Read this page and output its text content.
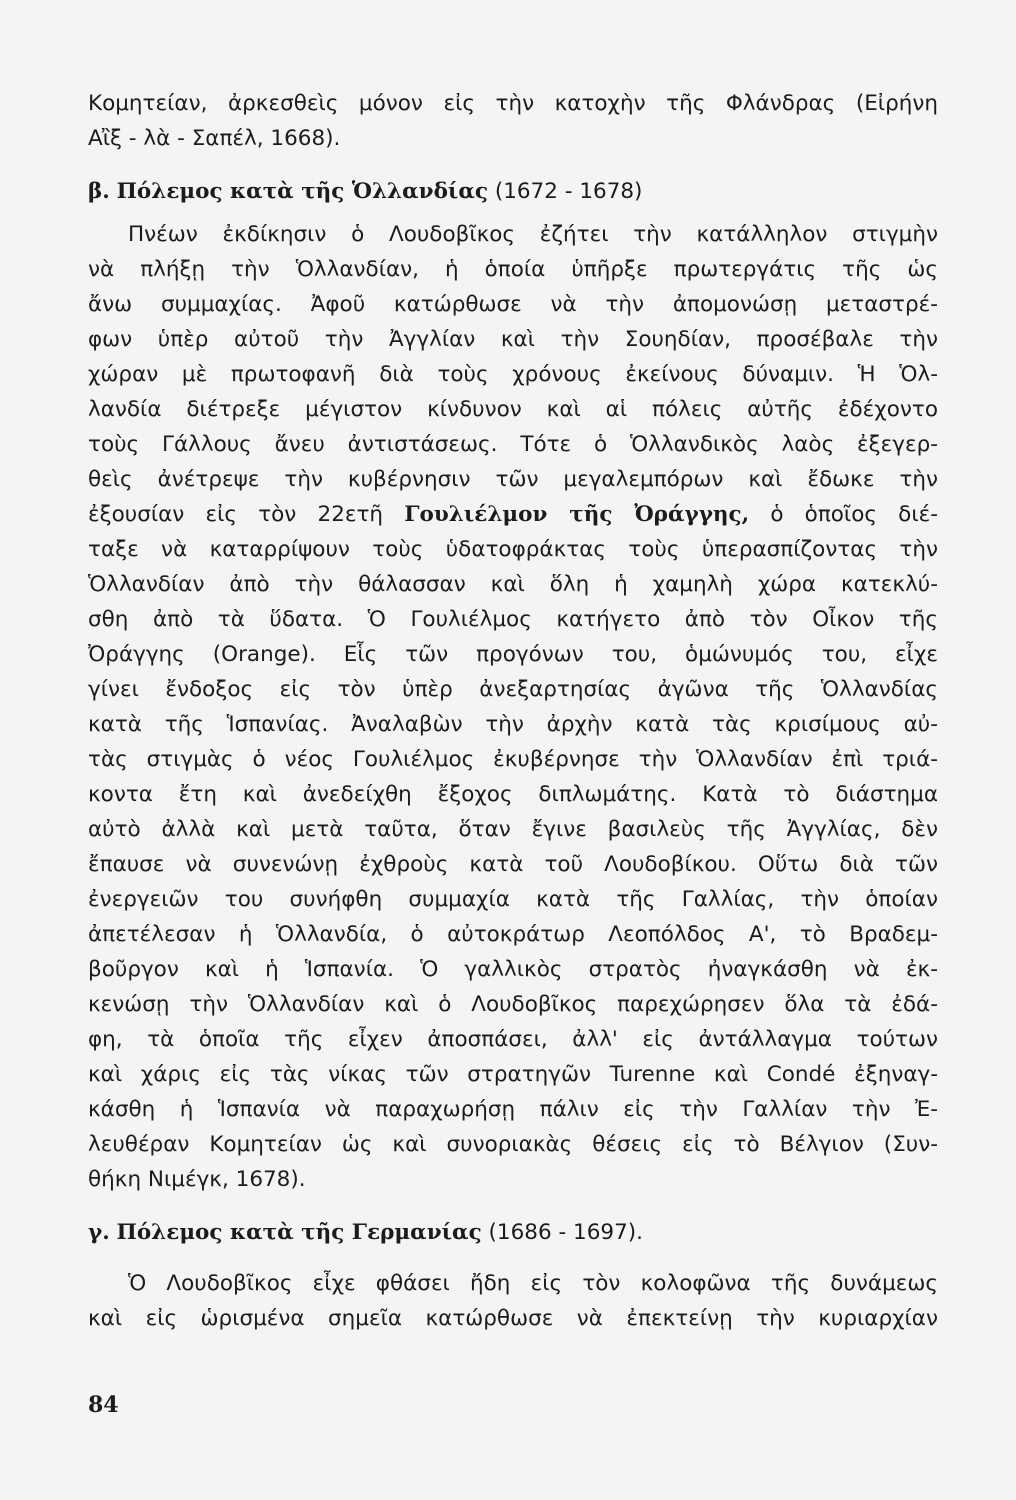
Κομητείαν, ἀρκεσθεὶς μόνον εἰς τὴν κατοχὴν τῆς Φλάνδρας (Εἰρήνη
Αἲξ - λὰ - Σαπέλ, 1668).
β. Πόλεμος κατὰ τῆς Ὁλλανδίας (1672 - 1678)
Πνέων ἐκδίκησιν ὁ Λουδοβῖκος ἐζήτει τὴν κατάλληλον στιγμὴν
νὰ πλήξῃ τὴν Ὁλλανδίαν, ἡ ὁποία ὑπῆρξε πρωτεργάτις τῆς ὡς
ἄνω συμμαχίας. Ἀφοῦ κατώρθωσε νὰ τὴν ἀπομονώσῃ μεταστρέ-
φων ὑπὲρ αὐτοῦ τὴν Ἀγγλίαν καὶ τὴν Σουηδίαν, προσέβαλε τὴν
χώραν μὲ πρωτοφανῆ διὰ τοὺς χρόνους ἐκείνους δύναμιν. Ἡ Ὁλ-
λανδία διέτρεξε μέγιστον κίνδυνον καὶ αἱ πόλεις αὐτῆς ἐδέχοντο
τοὺς Γάλλους ἄνευ ἀντιστάσεως. Τότε ὁ Ὁλλανδικὸς λαὸς ἐξεγερ-
θεὶς ἀνέτρεψε τὴν κυβέρνησιν τῶν μεγαλεμπόρων καὶ ἔδωκε τὴν
ἐξουσίαν εἰς τὸν 22ετῆ Γουλιέλμον τῆς Ὀράγγης, ὁ ὁποῖος διέ-
ταξε νὰ καταρρίψουν τοὺς ὑδατοφράκτας τοὺς ὑπερασπίζοντας τὴν
Ὁλλανδίαν ἀπὸ τὴν θάλασσαν καὶ ὅλη ἡ χαμηλὴ χώρα κατεκλύ-
σθη ἀπὸ τὰ ὕδατα. Ὁ Γουλιέλμος κατήγετο ἀπὸ τὸν Οἶκον τῆς
Ὀράγγης (Orange). Εἷς τῶν προγόνων του, ὁμώνυμός του, εἶχε
γίνει ἔνδοξος εἰς τὸν ὑπὲρ ἀνεξαρτησίας ἀγῶνα τῆς Ὁλλανδίας
κατὰ τῆς Ἱσπανίας. Ἀναλαβὼν τὴν ἀρχὴν κατὰ τὰς κρισίμους αὐ-
τὰς στιγμὰς ὁ νέος Γουλιέλμος ἐκυβέρνησε τὴν Ὁλλανδίαν ἐπὶ τριά-
κοντα ἔτη καὶ ἀνεδείχθη ἔξοχος διπλωμάτης. Κατὰ τὸ διάστημα
αὐτὸ ἀλλὰ καὶ μετὰ ταῦτα, ὅταν ἔγινε βασιλεὺς τῆς Ἀγγλίας, δὲν
ἔπαυσε νὰ συνενώνῃ ἐχθροὺς κατὰ τοῦ Λουδοβίκου. Οὕτω διὰ τῶν
ἐνεργειῶν του συνήφθη συμμαχία κατὰ τῆς Γαλλίας, τὴν ὁποίαν
ἀπετέλεσαν ἡ Ὁλλανδία, ὁ αὐτοκράτωρ Λεοπόλδος Α', τὸ Βραδεμ-
βοῦργον καὶ ἡ Ἱσπανία. Ὁ γαλλικὸς στρατὸς ἠναγκάσθη νὰ ἐκ-
κενώσῃ τὴν Ὁλλανδίαν καὶ ὁ Λουδοβῖκος παρεχώρησεν ὅλα τὰ ἐδά-
φη, τὰ ὁποῖα τῆς εἶχεν ἀποσπάσει, ἀλλ' εἰς ἀντάλλαγμα τούτων
καὶ χάρις εἰς τὰς νίκας τῶν στρατηγῶν Turenne καὶ Condé ἐξηναγ-
κάσθη ἡ Ἱσπανία νὰ παραχωρήσῃ πάλιν εἰς τὴν Γαλλίαν τὴν Ἐ-
λευθέραν Κομητείαν ὡς καὶ συνοριακὰς θέσεις εἰς τὸ Βέλγιον (Συν-
θήκη Νιμέγκ, 1678).
γ. Πόλεμος κατὰ τῆς Γερμανίας (1686 - 1697).
Ὁ Λουδοβῖκος εἶχε φθάσει ἤδη εἰς τὸν κολοφῶνα τῆς δυνάμεως
καὶ εἰς ὡρισμένα σημεῖα κατώρθωσε νὰ ἐπεκτείνῃ τὴν κυριαρχίαν
84
